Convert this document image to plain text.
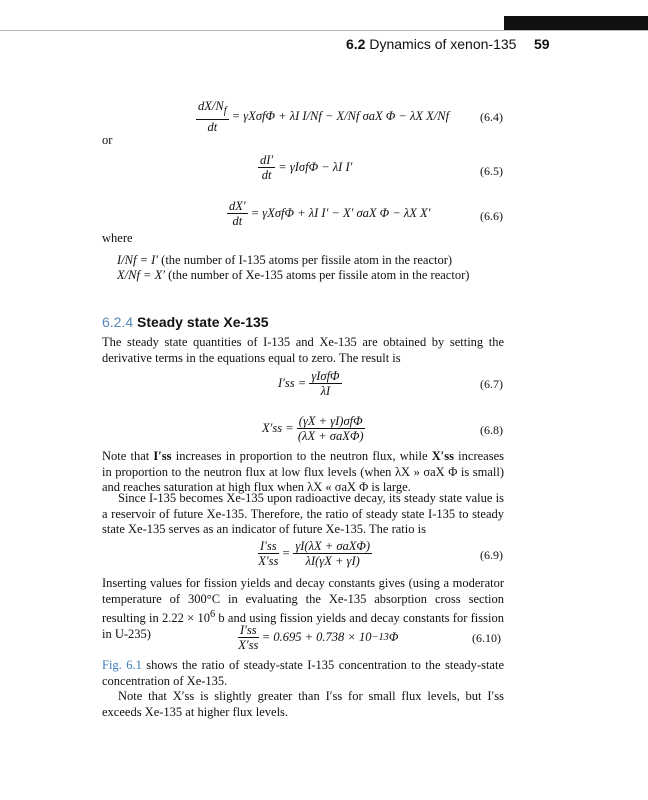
6.2 Dynamics of xenon-135 59
$\frac{dX/N_f}{dt} = \gamma X\sigma f\Phi + \lambda I$ I/Nf − X/Nf σaX Φ − λX X/Nf	(6.4)
or
$\frac{dI'}{dt} = \gamma I\sigma f\Phi - \lambda I$ I′	(6.5)
$\frac{dX'}{dt} = \gamma X\sigma f\Phi + \lambda I$ I′ − X′ σaX Φ − λX X′	(6.6)
where
I/Nf = I′ (the number of I-135 atoms per fissile atom in the reactor)
X/Nf = X′ (the number of Xe-135 atoms per fissile atom in the reactor)
6.2.4 Steady state Xe-135
The steady state quantities of I-135 and Xe-135 are obtained by setting the derivative terms in the equations equal to zero. The result is
$I'ss = \frac{\text{γIσfΦ}}{\lambda I}$	(6.7)
$X'ss = \frac{\text{(γX + γI)σfΦ}}{\text{(λX + σaXΦ)}}$	(6.8)
Note that I′ss increases in proportion to the neutron flux, while X′ss increases in proportion to the neutron flux at low flux levels (when λX » σaX Φ is small) and reaches saturation at high flux when λX « σaX Φ is large.
Since I-135 becomes Xe-135 upon radioactive decay, its steady state value is a reservoir of future Xe-135. Therefore, the ratio of steady state I-135 to steady state Xe-135 serves as an indicator of future Xe-135. The ratio is
$\frac{I'ss}{X'ss} = \frac{\text{γI(λX + σaXΦ)}}{\lambda I(\gamma X + \gamma I)}$	(6.9)
Inserting values for fission yields and decay constants gives (using a moderator temperature of 300°C in evaluating the Xe-135 absorption cross section resulting in $2.22 \times 10^6$ b and using fission yields and decay constants for fission in U-235)	$\frac{I'ss}{X'ss} = 0.695 + 0.738 \times 10-13\Phi$	(6.10)
Fig. 6.1 shows the ratio of steady-state I-135 concentration to the steady-state concentration of Xe-135.
Note that X′ss is slightly greater than I′ss for small flux levels, but I′ss exceeds Xe-135 at higher flux levels.
